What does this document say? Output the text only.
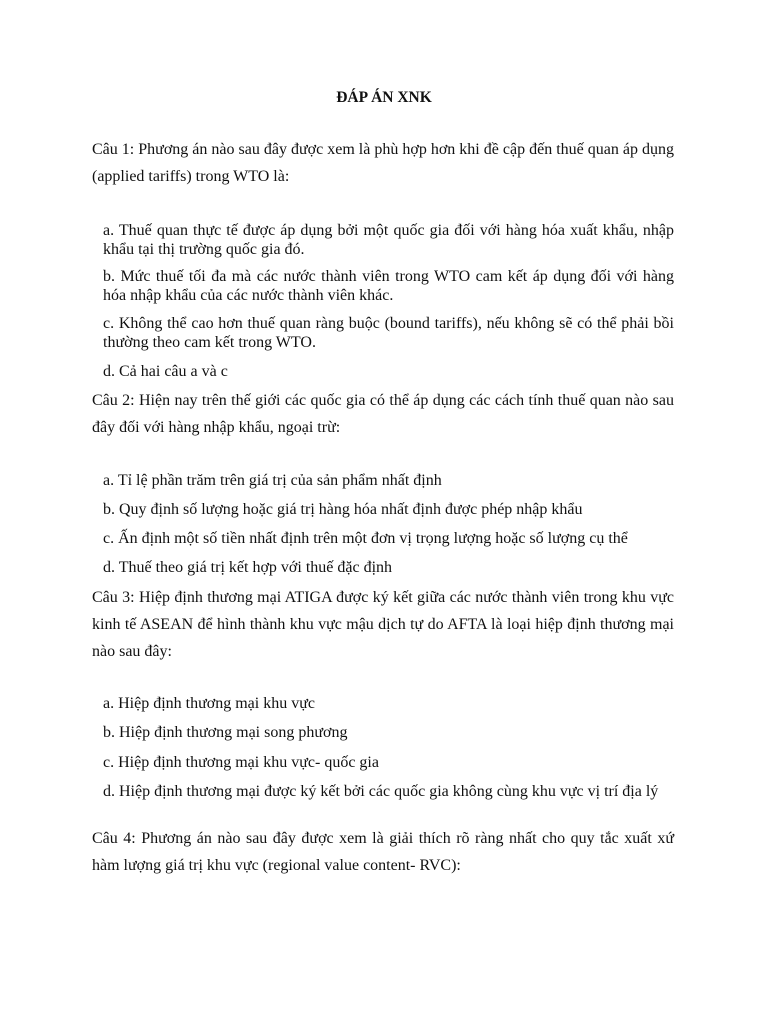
ĐÁP ÁN XNK
Câu 1: Phương án nào sau đây được xem là phù hợp hơn khi đề cập đến thuế quan áp dụng (applied tariffs) trong WTO là:
a. Thuế quan thực tế được áp dụng bởi một quốc gia đối với hàng hóa xuất khẩu, nhập khẩu tại thị trường quốc gia đó.
b. Mức thuế tối đa mà các nước thành viên trong WTO cam kết áp dụng đối với hàng hóa nhập khẩu của các nước thành viên khác.
c. Không thể cao hơn thuế quan ràng buộc (bound tariffs), nếu không sẽ có thể phải bồi thường theo cam kết trong WTO.
d. Cả hai câu a và c
Câu 2: Hiện nay trên thế giới các quốc gia có thể áp dụng các cách tính thuế quan nào sau đây đối với hàng nhập khẩu, ngoại trừ:
a. Tỉ lệ phần trăm trên giá trị của sản phẩm nhất định
b. Quy định số lượng hoặc giá trị hàng hóa nhất định được phép nhập khẩu
c. Ấn định một số tiền nhất định trên một đơn vị trọng lượng hoặc số lượng cụ thể
d. Thuế theo giá trị kết hợp với thuế đặc định
Câu 3: Hiệp định thương mại ATIGA được ký kết giữa các nước thành viên trong khu vực kinh tế ASEAN để hình thành khu vực mậu dịch tự do AFTA là loại hiệp định thương mại nào sau đây:
a. Hiệp định thương mại khu vực
b. Hiệp định thương mại song phương
c. Hiệp định thương mại khu vực- quốc gia
d. Hiệp định thương mại được ký kết bởi các quốc gia không cùng khu vực vị trí địa lý
Câu 4: Phương án nào sau đây được xem là giải thích rõ ràng nhất cho quy tắc xuất xứ hàm lượng giá trị khu vực (regional value content- RVC):
